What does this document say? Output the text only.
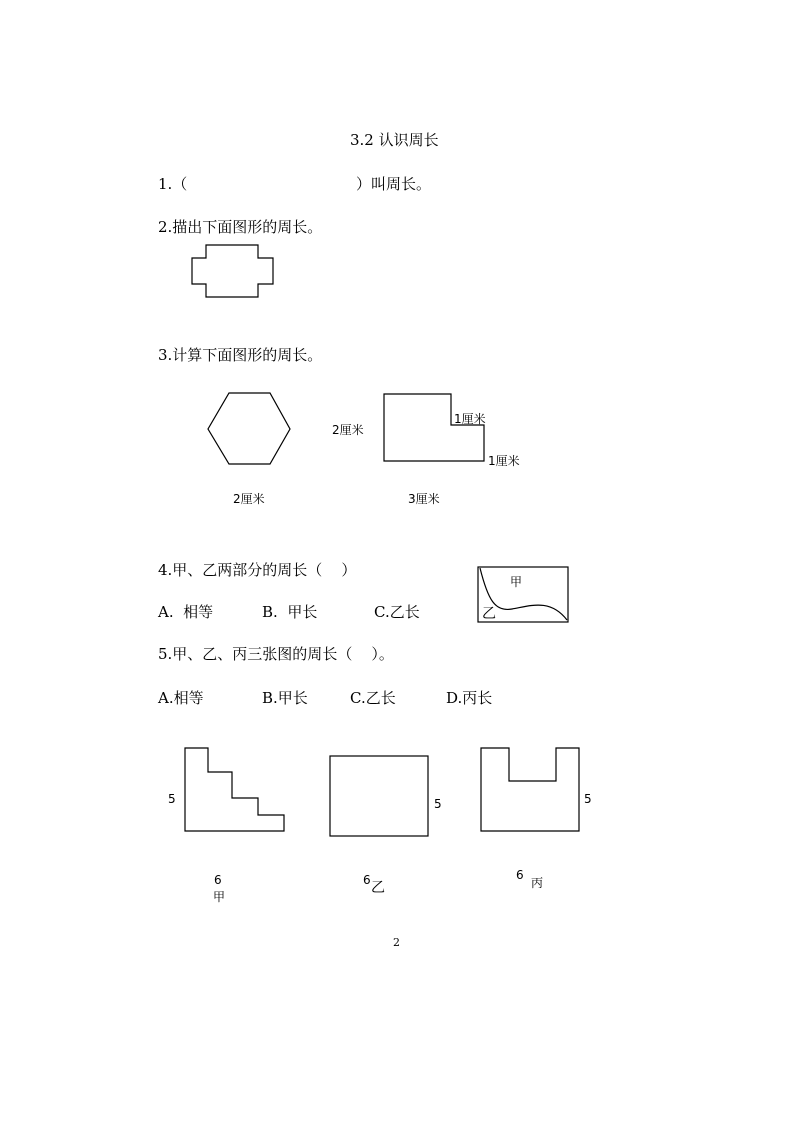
3.2 认识周长
1.（	）叫周长。
2.描出下面图形的周长。
3.计算下面图形的周长。
2厘米
2厘米
1厘米
1厘米
3厘米
4.甲、乙两部分的周长（    ）
A.  相等	B.  甲长	C.乙长
甲
乙
5.甲、乙、丙三张图的周长（    ）。
A.相等	B.甲长	C.乙长	D.丙长
5
6
甲
5
6 乙
5
6
丙
2
